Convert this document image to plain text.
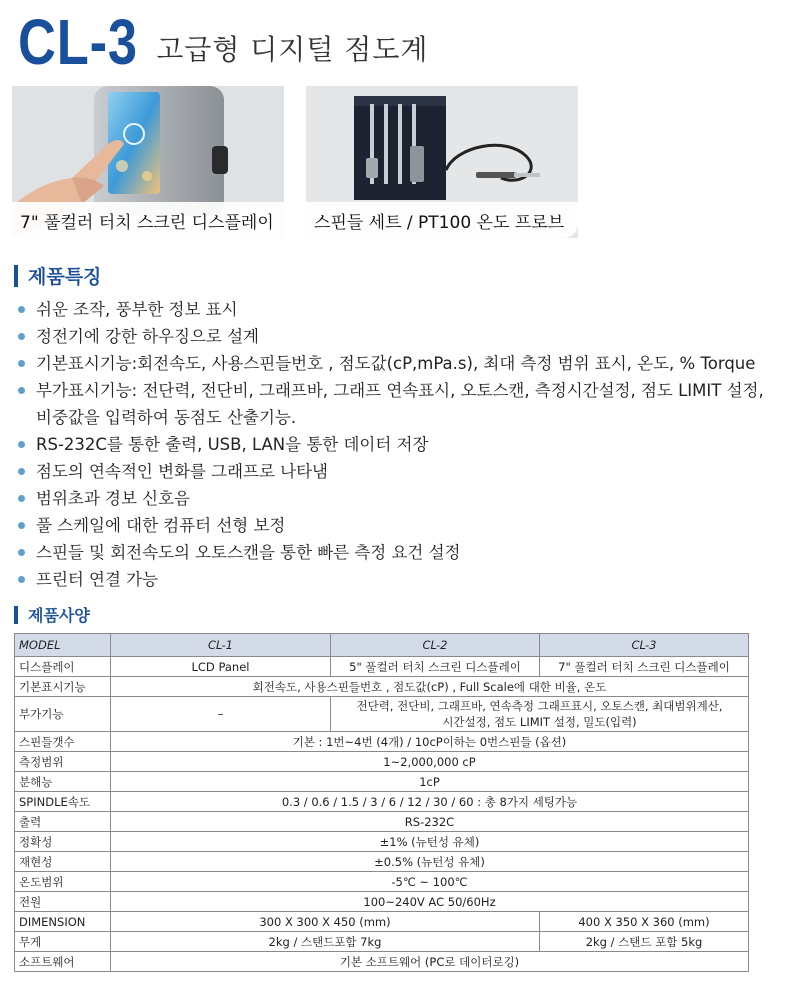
CL-3 고급형 디지털 점도계
7" 풀컬러 터치 스크린 디스플레이	스핀들 세트 / PT100 온도 프로브
제품특징
쉬운 조작, 풍부한 정보 표시
정전기에 강한 하우징으로 설계
기본표시기능:회전속도, 사용스핀들번호 , 점도값(cP,mPa.s), 최대 측정 범위 표시, 온도, % Torque
부가표시기능: 전단력, 전단비, 그래프바, 그래프 연속표시, 오토스캔, 측정시간설정, 점도 LIMIT 설정,
비중값을 입력하여 동점도 산출기능.
RS-232C를 통한 출력, USB, LAN을 통한 데이터 저장
점도의 연속적인 변화를 그래프로 나타냄
범위초과 경보 신호음
풀 스케일에 대한 컴퓨터 선형 보정
스핀들 및 회전속도의 오토스캔을 통한 빠른 측정 요건 설정
프린터 연결 가능
제품사양
MODEL	CL-1	CL-2	CL-3
디스플레이	LCD Panel	5" 풀컬러 터치 스크린 디스플레이	7" 풀컬러 터치 스크린 디스플레이
기본표시기능	회전속도, 사용스핀들번호 , 점도값(cP) , Full Scale에 대한 비율, 온도		
부가기능	–	전단력, 전단비, 그래프바, 연속측정 그래프표시, 오토스캔, 최대범위계산,
시간설정, 점도 LIMIT 설정, 밀도(입력)	

스핀들갯수	기본 : 1번~4번 (4개) / 10cP이하는 0번스핀들 (옵션)		
측정범위	1~2,000,000 cP		
분해능	1cP		
SPINDLE속도	0.3 / 0.6 / 1.5 / 3 / 6 / 12 / 30 / 60 : 총 8가지 세팅가능		
출력	RS-232C		
정확성	±1% (뉴턴성 유체)		
재현성	±0.5% (뉴턴성 유체)		
온도범위	-5℃ ~ 100℃		
전원	100~240V AC 50/60Hz		
DIMENSION	300 X 300 X 450 (mm)		400 X 350 X 360 (mm)
무게	2kg / 스탠드포함 7kg		2kg / 스탠드 포함 5kg
소프트웨어	기본 소프트웨어 (PC로 데이터로깅)		
